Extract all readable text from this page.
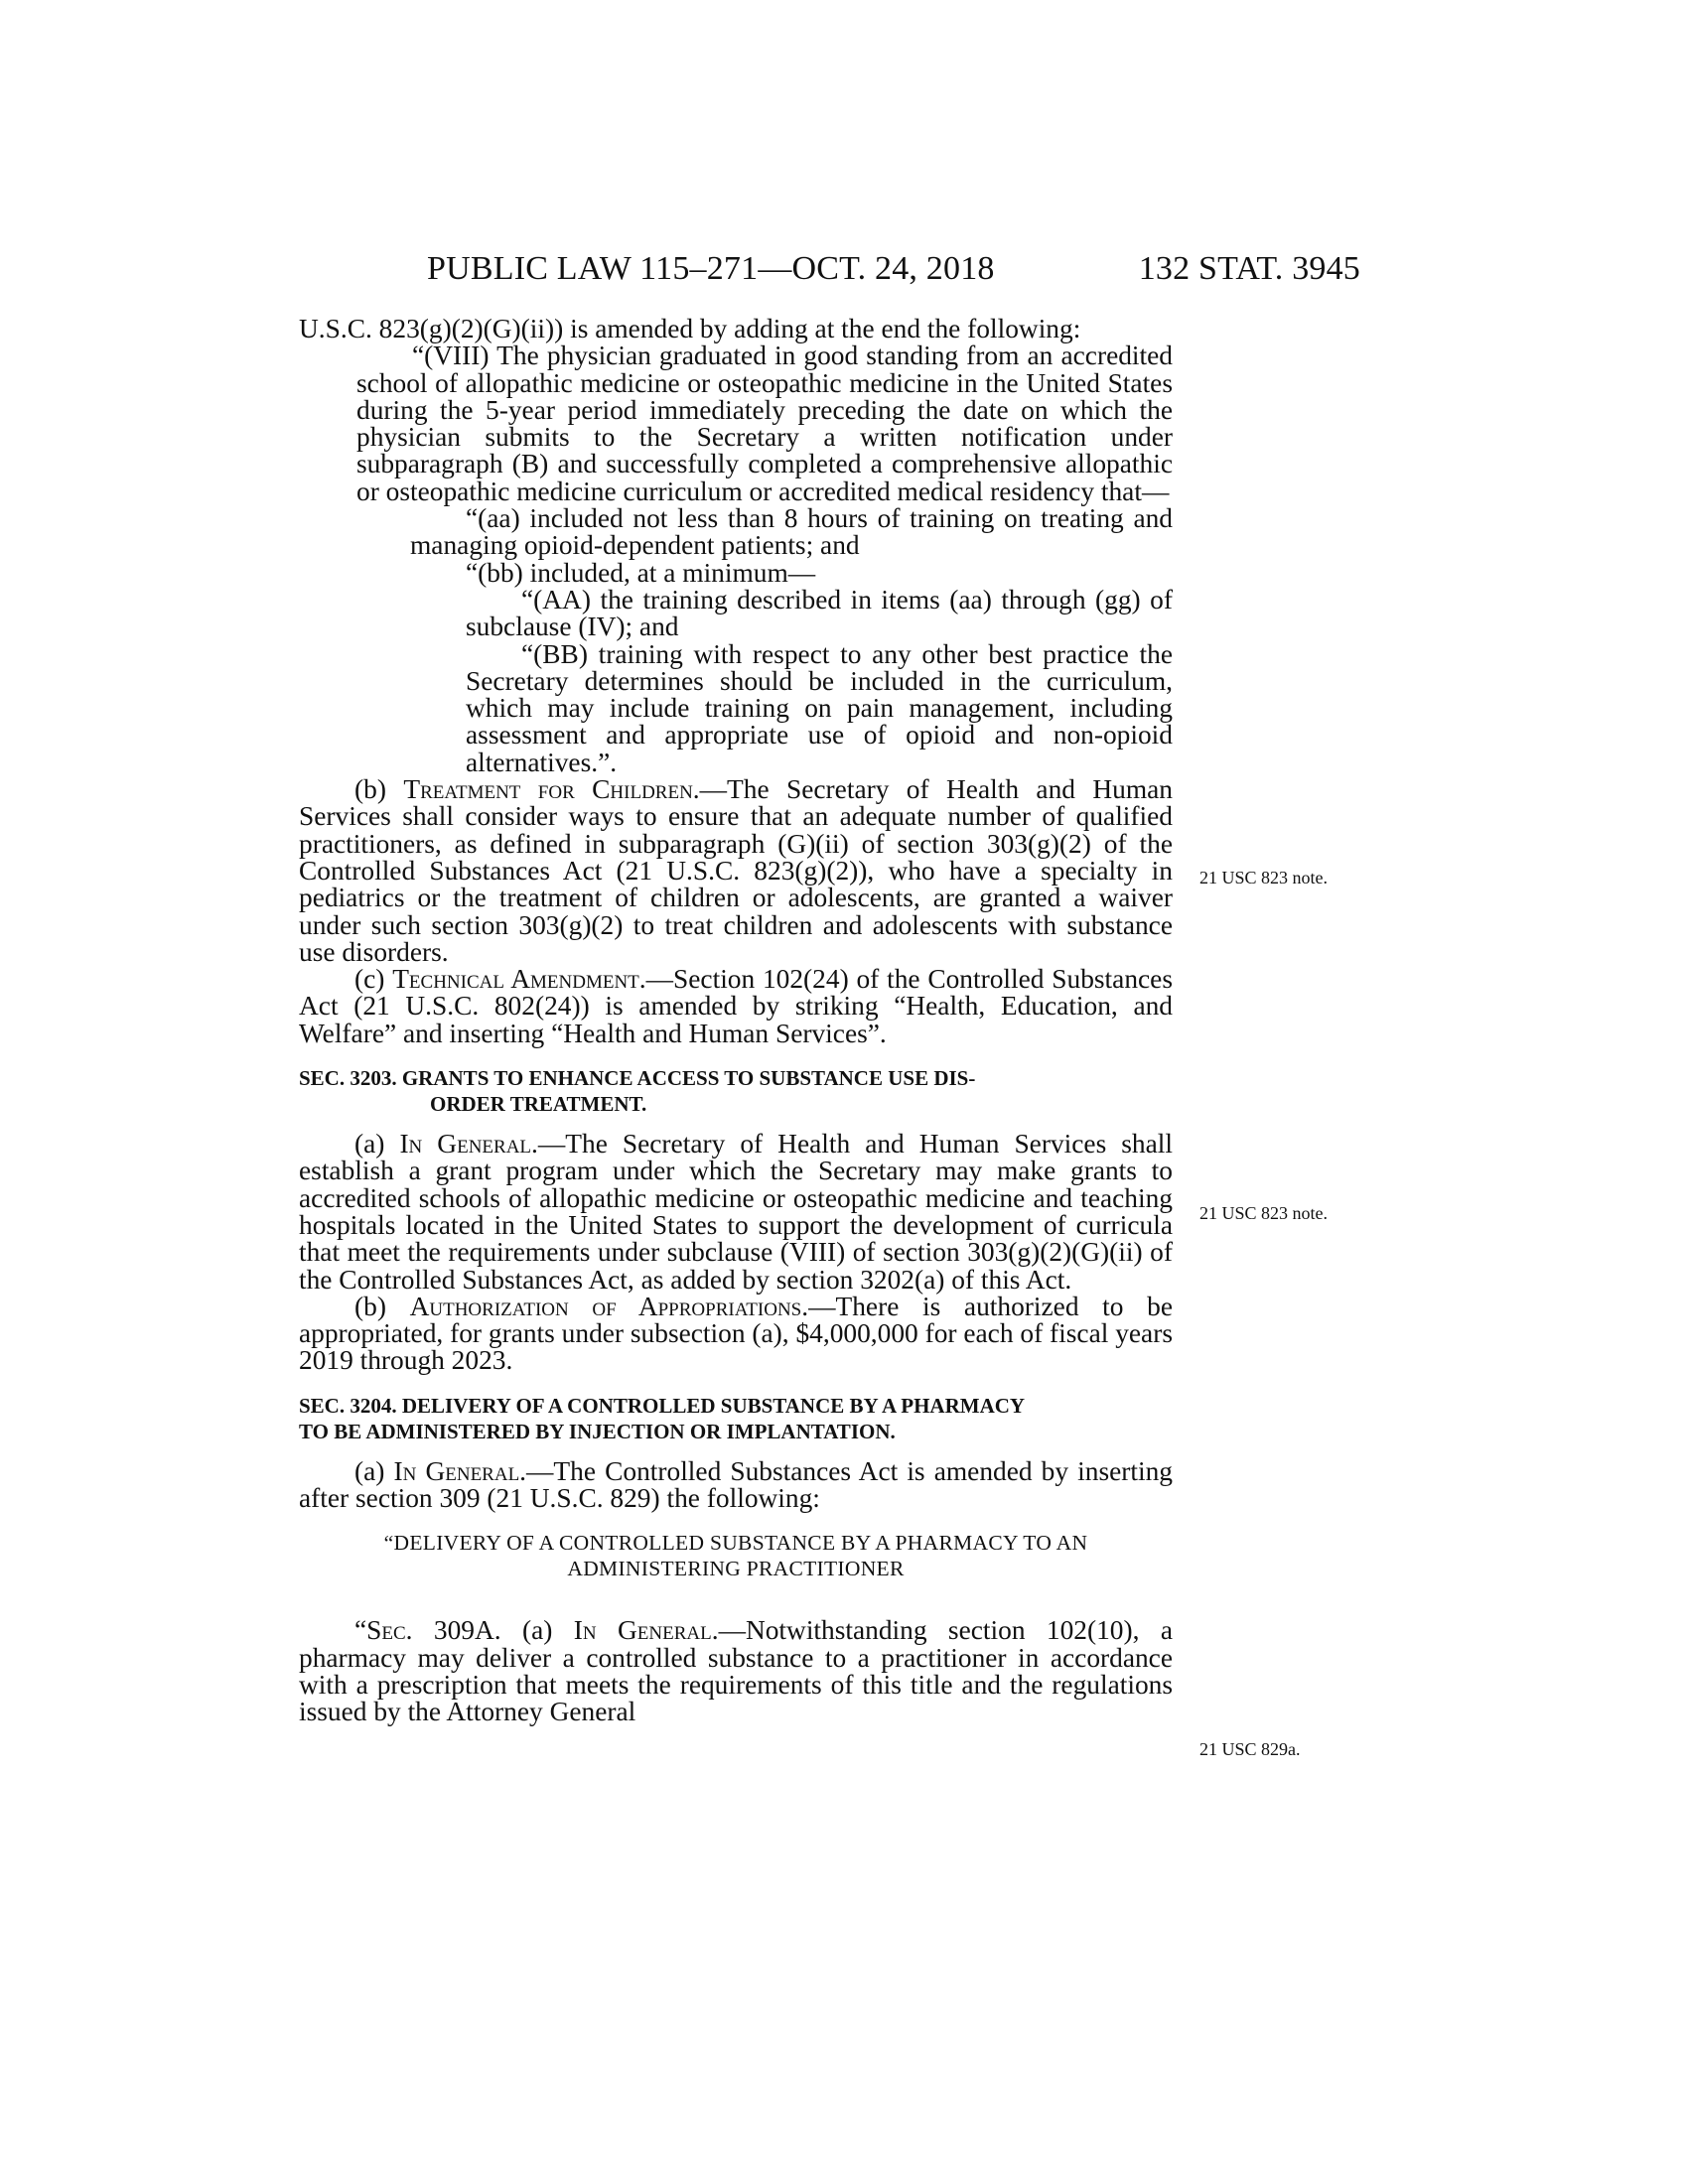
PUBLIC LAW 115–271—OCT. 24, 2018	132 STAT. 3945
21 USC 823 note.
21 USC 823 note.
21 USC 829a.

U.S.C. 823(g)(2)(G)(ii)) is amended by adding at the end the following:

“(VIII) The physician graduated in good standing from an accredited school of allopathic medicine or osteopathic medicine in the United States during the 5-year period immediately preceding the date on which the physician submits to the Secretary a written notification under subparagraph (B) and successfully completed a comprehensive allopathic or osteopathic medicine curriculum or accredited medical residency that—

“(aa) included not less than 8 hours of training on treating and managing opioid-dependent patients; and

“(bb) included, at a minimum—

“(AA) the training described in items (aa) through (gg) of subclause (IV); and

“(BB) training with respect to any other best practice the Secretary determines should be included in the curriculum, which may include training on pain management, including assessment and appropriate use of opioid and non-opioid alternatives.”.

(b) Treatment for Children.—The Secretary of Health and Human Services shall consider ways to ensure that an adequate number of qualified practitioners, as defined in subparagraph (G)(ii) of section 303(g)(2) of the Controlled Substances Act (21 U.S.C. 823(g)(2)), who have a specialty in pediatrics or the treatment of children or adolescents, are granted a waiver under such section 303(g)(2) to treat children and adolescents with substance use disorders.

(c) Technical Amendment.—Section 102(24) of the Controlled Substances Act (21 U.S.C. 802(24)) is amended by striking “Health, Education, and Welfare” and inserting “Health and Human Services”.

SEC. 3203. GRANTS TO ENHANCE ACCESS TO SUBSTANCE USE DIS-
ORDER TREATMENT.

(a) In General.—The Secretary of Health and Human Services shall establish a grant program under which the Secretary may make grants to accredited schools of allopathic medicine or osteopathic medicine and teaching hospitals located in the United States to support the development of curricula that meet the requirements under subclause (VIII) of section 303(g)(2)(G)(ii) of the Controlled Substances Act, as added by section 3202(a) of this Act.

(b) Authorization of Appropriations.—There is authorized to be appropriated, for grants under subsection (a), $4,000,000 for each of fiscal years 2019 through 2023.

SEC. 3204. DELIVERY OF A CONTROLLED SUBSTANCE BY A PHARMACY
TO BE ADMINISTERED BY INJECTION OR IMPLANTATION.

(a) In General.—The Controlled Substances Act is amended by inserting after section 309 (21 U.S.C. 829) the following:

“DELIVERY OF A CONTROLLED SUBSTANCE BY A PHARMACY TO AN
ADMINISTERING PRACTITIONER

“Sec. 309A. (a) In General.—Notwithstanding section 102(10), a pharmacy may deliver a controlled substance to a practitioner in accordance with a prescription that meets the requirements of this title and the regulations issued by the Attorney General
